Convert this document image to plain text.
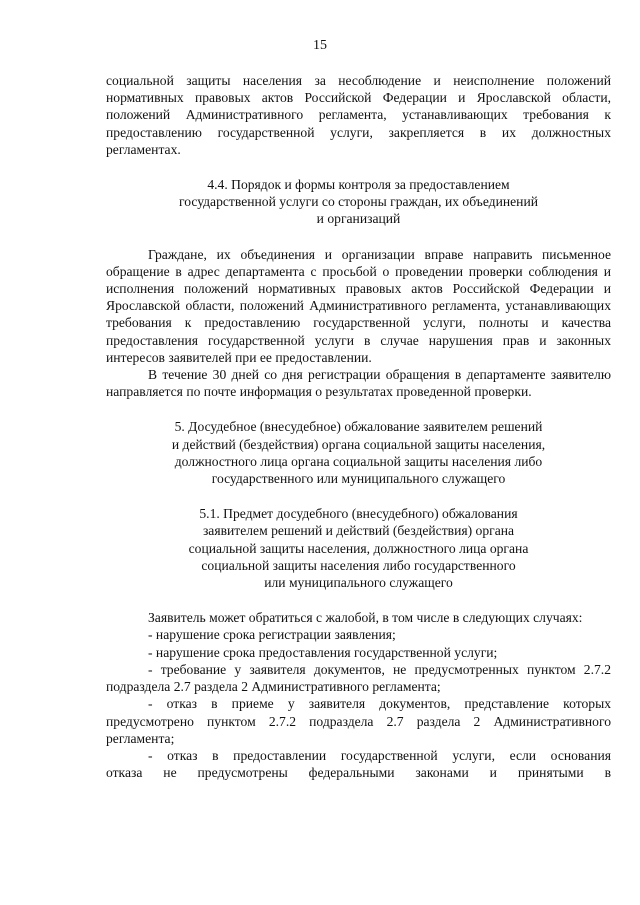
15

социальной защиты населения за несоблюдение и неисполнение положений нормативных правовых актов Российской Федерации и Ярославской области, положений Административного регламента, устанавливающих требования к предоставлению государственной услуги, закрепляется в их должностных регламентах.

4.4. Порядок и формы контроля за предоставлением
государственной услуги со стороны граждан, их объединений
и организаций

Граждане, их объединения и организации вправе направить письменное обращение в адрес департамента с просьбой о проведении проверки соблюдения и исполнения положений нормативных правовых актов Российской Федерации и Ярославской области, положений Административного регламента, устанавливающих требования к предоставлению государственной услуги, полноты и качества предоставления государственной услуги в случае нарушения прав и законных интересов заявителей при ее предоставлении.

В течение 30 дней со дня регистрации обращения в департаменте заявителю направляется по почте информация о результатах проведенной проверки.

5. Досудебное (внесудебное) обжалование заявителем решений
и действий (бездействия) органа социальной защиты населения,
должностного лица органа социальной защиты населения либо
государственного или муниципального служащего
5.1. Предмет досудебного (внесудебного) обжалования
заявителем решений и действий (бездействия) органа
социальной защиты населения, должностного лица органа
социальной защиты населения либо государственного
или муниципального служащего

Заявитель может обратиться с жалобой, в том числе в следующих случаях:

- нарушение срока регистрации заявления;

- нарушение срока предоставления государственной услуги;

- требование у заявителя документов, не предусмотренных пунктом 2.7.2 подраздела 2.7 раздела 2 Административного регламента;

- отказ в приеме у заявителя документов, представление которых предусмотрено пунктом 2.7.2 подраздела 2.7 раздела 2 Административного регламента;

- отказ в предоставлении государственной услуги, если основания
отказа не предусмотрены федеральными законами и принятыми в
